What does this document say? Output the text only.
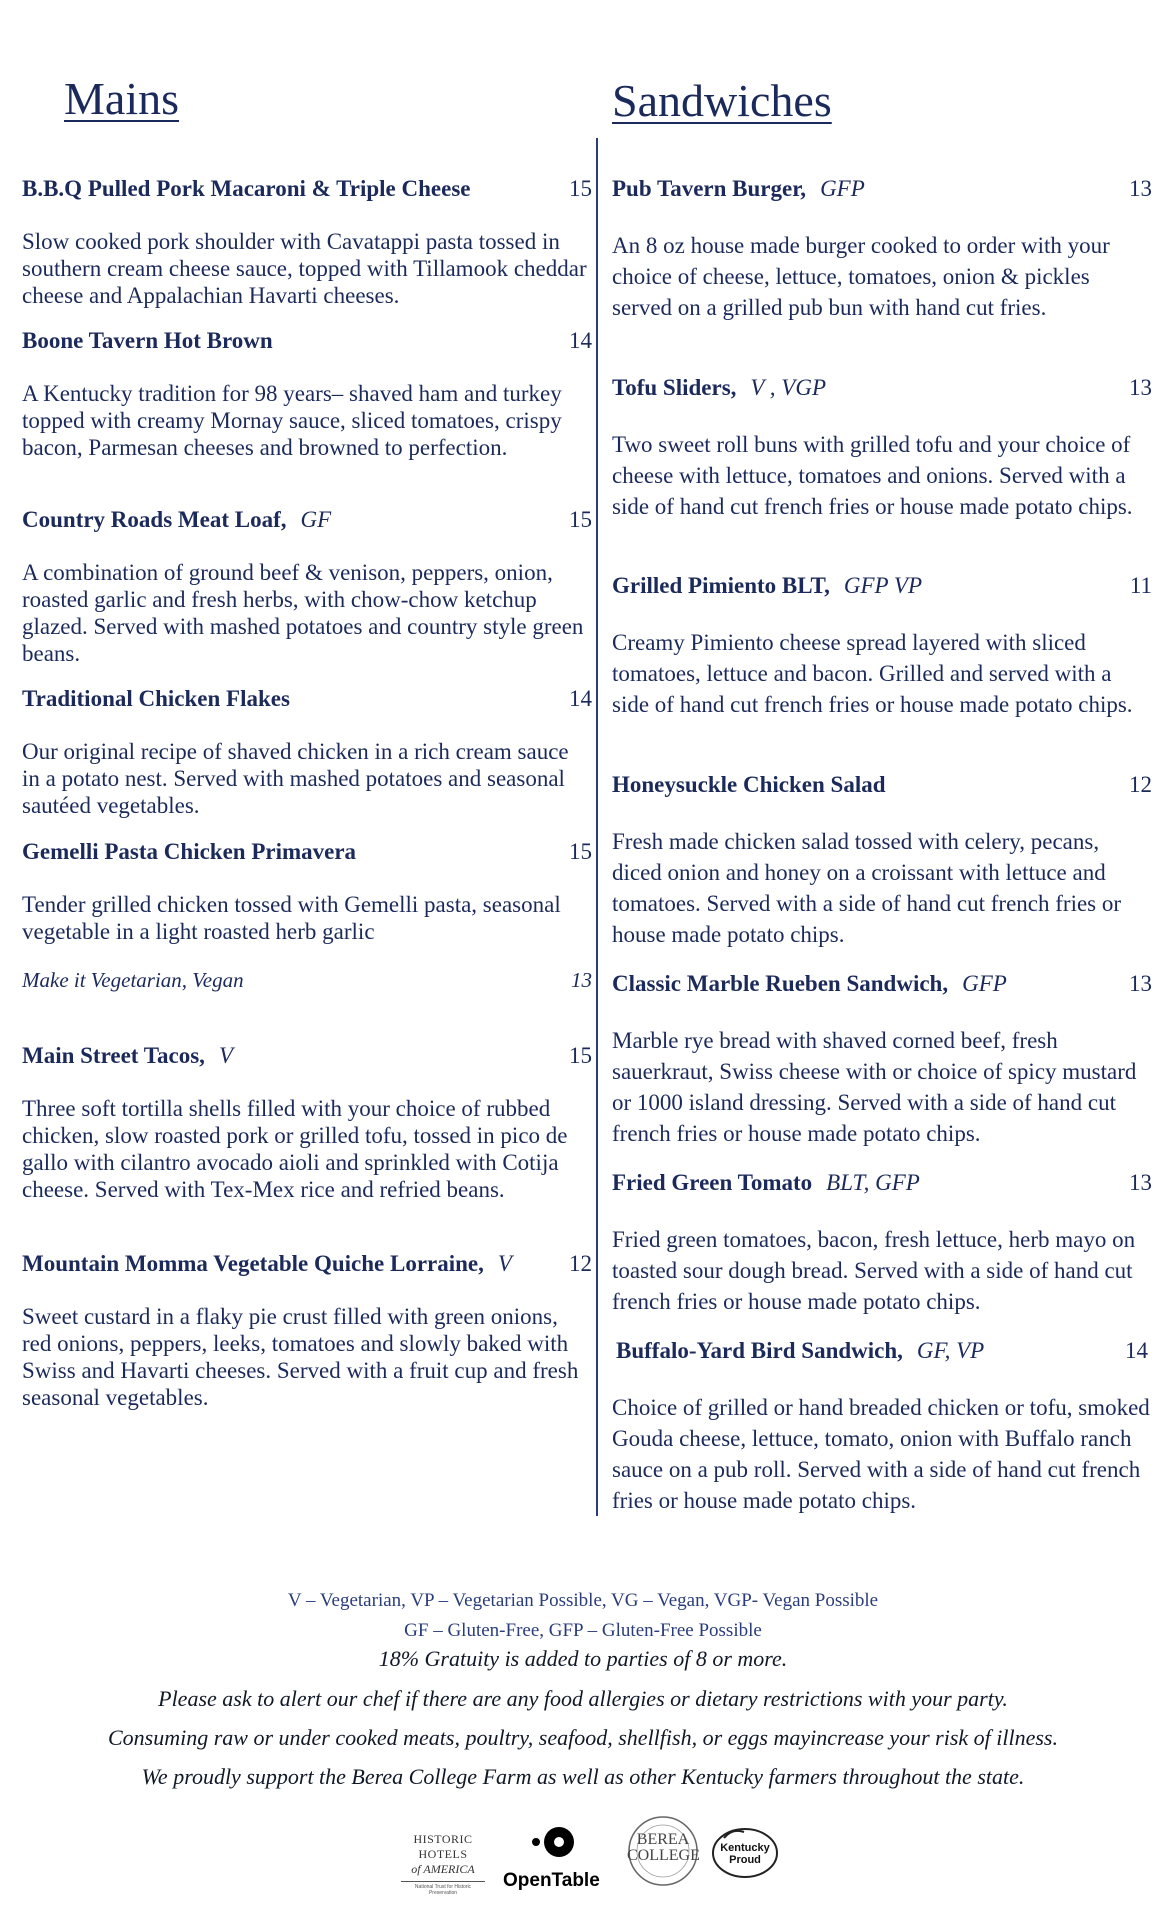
Mains
B.B.Q Pulled Pork Macaroni & Triple Cheese	15
Slow cooked pork shoulder with Cavatappi pasta tossed in southern cream cheese sauce, topped with Tillamook cheddar cheese and Appalachian Havarti cheeses.
Boone Tavern Hot Brown	14
A Kentucky tradition for 98 years– shaved ham and turkey topped with creamy Mornay sauce, sliced tomatoes, crispy bacon, Parmesan cheeses and browned to perfection.
Country Roads Meat Loaf, GF	15
A combination of ground beef & venison, peppers, onion, roasted garlic and fresh herbs, with chow-chow ketchup glazed. Served with mashed potatoes and country style green beans.
Traditional Chicken Flakes	14
Our original recipe of shaved chicken in a rich cream sauce in a potato nest. Served with mashed potatoes and seasonal sautéed vegetables.
Gemelli Pasta Chicken Primavera	15
Tender grilled chicken tossed with Gemelli pasta, seasonal vegetable in a light roasted herb garlic
Make it Vegetarian, Vegan	13
Main Street Tacos, V	15
Three soft tortilla shells filled with your choice of rubbed chicken, slow roasted pork or grilled tofu, tossed in pico de gallo with cilantro avocado aioli and sprinkled with Cotija cheese. Served with Tex-Mex rice and refried beans.
Mountain Momma Vegetable Quiche Lorraine, V 12
Sweet custard in a flaky pie crust filled with green onions, red onions, peppers, leeks, tomatoes and slowly baked with Swiss and Havarti cheeses. Served with a fruit cup and fresh seasonal vegetables.
Sandwiches
Pub Tavern Burger, GFP	13
An 8 oz house made burger cooked to order with your choice of cheese, lettuce, tomatoes, onion & pickles served on a grilled pub bun with hand cut fries.
Tofu Sliders, V , VGP	13
Two sweet roll buns with grilled tofu and your choice of cheese with lettuce, tomatoes and onions. Served with a side of hand cut french fries or house made potato chips.
Grilled Pimiento BLT, GFP VP	11
Creamy Pimiento cheese spread layered with sliced tomatoes, lettuce and bacon. Grilled and served with a side of hand cut french fries or house made potato chips.
Honeysuckle Chicken Salad	12
Fresh made chicken salad tossed with celery, pecans, diced onion and honey on a croissant with lettuce and tomatoes. Served with a side of hand cut french fries or house made potato chips.
Classic Marble Rueben Sandwich, GFP	13
Marble rye bread with shaved corned beef, fresh sauerkraut, Swiss cheese with or choice of spicy mustard or 1000 island dressing. Served with a side of hand cut french fries or house made potato chips.
Fried Green Tomato BLT, GFP	13
Fried green tomatoes, bacon, fresh lettuce, herb mayo on toasted sour dough bread. Served with a side of hand cut french fries or house made potato chips.
Buffalo-Yard Bird Sandwich, GF, VP	14
Choice of grilled or hand breaded chicken or tofu, smoked Gouda cheese, lettuce, tomato, onion with Buffalo ranch sauce on a pub roll. Served with a side of hand cut french fries or house made potato chips.
V – Vegetarian, VP – Vegetarian Possible, VG – Vegan, VGP- Vegan Possible
GF – Gluten-Free, GFP – Gluten-Free Possible
18% Gratuity is added to parties of 8 or more.
Please ask to alert our chef if there are any food allergies or dietary restrictions with your party.
Consuming raw or under cooked meats, poultry, seafood, shellfish, or eggs mayincrease your risk of illness.
We proudly support the Berea College Farm as well as other Kentucky farmers throughout the state.
HISTORIC HOTELS
of AMERICA
National Trust for Historic Preservation
OpenTable
BEREA
COLLEGE	Kentucky
Proud
